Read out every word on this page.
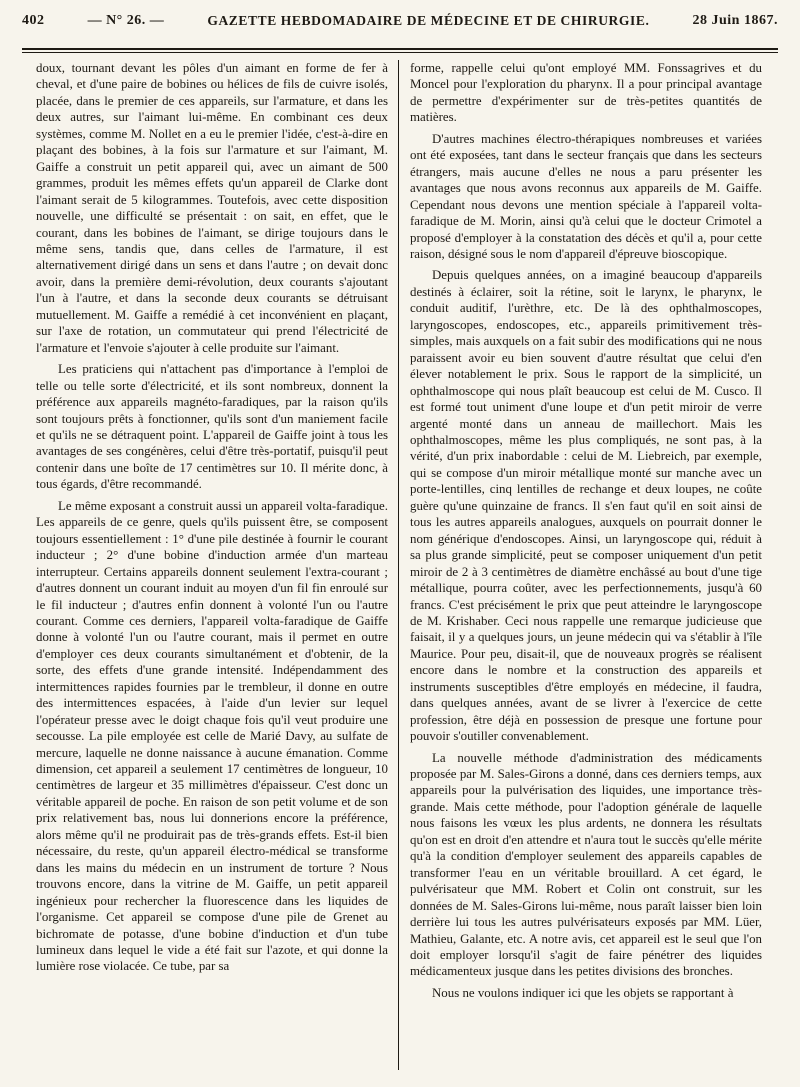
402	— N° 26. —	GAZETTE HEBDOMADAIRE DE MÉDECINE ET DE CHIRURGIE.	28 Juin 1867.

doux, tournant devant les pôles d'un aimant en forme de fer à cheval, et d'une paire de bobines ou hélices de fils de cuivre isolés, placée, dans le premier de ces appareils, sur l'armature, et dans les deux autres, sur l'aimant lui-même. En combinant ces deux systèmes, comme M. Nollet en a eu le premier l'idée, c'est-à-dire en plaçant des bobines, à la fois sur l'armature et sur l'aimant, M. Gaiffe a construit un petit appareil qui, avec un aimant de 500 grammes, produit les mêmes effets qu'un appareil de Clarke dont l'aimant serait de 5 kilogrammes. Toutefois, avec cette disposition nouvelle, une difficulté se présentait : on sait, en effet, que le courant, dans les bobines de l'aimant, se dirige toujours dans le même sens, tandis que, dans celles de l'armature, il est alternativement dirigé dans un sens et dans l'autre ; on devait donc avoir, dans la première demi-révolution, deux courants s'ajoutant l'un à l'autre, et dans la seconde deux courants se détruisant mutuellement. M. Gaiffe a remédié à cet inconvénient en plaçant, sur l'axe de rotation, un commutateur qui prend l'électricité de l'armature et l'envoie s'ajouter à celle produite sur l'aimant.

Les praticiens qui n'attachent pas d'importance à l'emploi de telle ou telle sorte d'électricité, et ils sont nombreux, donnent la préférence aux appareils magnéto-faradiques, par la raison qu'ils sont toujours prêts à fonctionner, qu'ils sont d'un maniement facile et qu'ils ne se détraquent point. L'appareil de Gaiffe joint à tous les avantages de ses congénères, celui d'être très-portatif, puisqu'il peut contenir dans une boîte de 17 centimètres sur 10. Il mérite donc, à tous égards, d'être recommandé.

Le même exposant a construit aussi un appareil volta-faradique. Les appareils de ce genre, quels qu'ils puissent être, se composent toujours essentiellement : 1° d'une pile destinée à fournir le courant inducteur ; 2° d'une bobine d'induction armée d'un marteau interrupteur. Certains appareils donnent seulement l'extra-courant ; d'autres donnent un courant induit au moyen d'un fil fin enroulé sur le fil inducteur ; d'autres enfin donnent à volonté l'un ou l'autre courant. Comme ces derniers, l'appareil volta-faradique de Gaiffe donne à volonté l'un ou l'autre courant, mais il permet en outre d'employer ces deux courants simultanément et d'obtenir, de la sorte, des effets d'une grande intensité. Indépendamment des intermittences rapides fournies par le trembleur, il donne en outre des intermittences espacées, à l'aide d'un levier sur lequel l'opérateur presse avec le doigt chaque fois qu'il veut produire une secousse. La pile employée est celle de Marié Davy, au sulfate de mercure, laquelle ne donne naissance à aucune émanation. Comme dimension, cet appareil a seulement 17 centimètres de longueur, 10 centimètres de largeur et 35 millimètres d'épaisseur. C'est donc un véritable appareil de poche. En raison de son petit volume et de son prix relativement bas, nous lui donnerions encore la préférence, alors même qu'il ne produirait pas de très-grands effets. Est-il bien nécessaire, du reste, qu'un appareil électro-médical se transforme dans les mains du médecin en un instrument de torture ? Nous trouvons encore, dans la vitrine de M. Gaiffe, un petit appareil ingénieux pour rechercher la fluorescence dans les liquides de l'organisme. Cet appareil se compose d'une pile de Grenet au bichromate de potasse, d'une bobine d'induction et d'un tube lumineux dans lequel le vide a été fait sur l'azote, et qui donne la lumière rose violacée. Ce tube, par sa

forme, rappelle celui qu'ont employé MM. Fonssagrives et du Moncel pour l'exploration du pharynx. Il a pour principal avantage de permettre d'expérimenter sur de très-petites quantités de matières.

D'autres machines électro-thérapiques nombreuses et variées ont été exposées, tant dans le secteur français que dans les secteurs étrangers, mais aucune d'elles ne nous a paru présenter les avantages que nous avons reconnus aux appareils de M. Gaiffe. Cependant nous devons une mention spéciale à l'appareil volta-faradique de M. Morin, ainsi qu'à celui que le docteur Crimotel a proposé d'employer à la constatation des décès et qu'il a, pour cette raison, désigné sous le nom d'appareil d'épreuve bioscopique.

Depuis quelques années, on a imaginé beaucoup d'appareils destinés à éclairer, soit la rétine, soit le larynx, le pharynx, le conduit auditif, l'urèthre, etc. De là des ophthalmoscopes, laryngoscopes, endoscopes, etc., appareils primitivement très-simples, mais auxquels on a fait subir des modifications qui ne nous paraissent avoir eu bien souvent d'autre résultat que celui d'en élever notablement le prix. Sous le rapport de la simplicité, un ophthalmoscope qui nous plaît beaucoup est celui de M. Cusco. Il est formé tout uniment d'une loupe et d'un petit miroir de verre argenté monté dans un anneau de maillechort. Mais les ophthalmoscopes, même les plus compliqués, ne sont pas, à la vérité, d'un prix inabordable : celui de M. Liebreich, par exemple, qui se compose d'un miroir métallique monté sur manche avec un porte-lentilles, cinq lentilles de rechange et deux loupes, ne coûte guère qu'une quinzaine de francs. Il s'en faut qu'il en soit ainsi de tous les autres appareils analogues, auxquels on pourrait donner le nom générique d'endoscopes. Ainsi, un laryngoscope qui, réduit à sa plus grande simplicité, peut se composer uniquement d'un petit miroir de 2 à 3 centimètres de diamètre enchâssé au bout d'une tige métallique, pourra coûter, avec les perfectionnements, jusqu'à 60 francs. C'est précisément le prix que peut atteindre le laryngoscope de M. Krishaber. Ceci nous rappelle une remarque judicieuse que faisait, il y a quelques jours, un jeune médecin qui va s'établir à l'île Maurice. Pour peu, disait-il, que de nouveaux progrès se réalisent encore dans le nombre et la construction des appareils et instruments susceptibles d'être employés en médecine, il faudra, dans quelques années, avant de se livrer à l'exercice de cette profession, être déjà en possession de presque une fortune pour pouvoir s'outiller convenablement.

La nouvelle méthode d'administration des médicaments proposée par M. Sales-Girons a donné, dans ces derniers temps, aux appareils pour la pulvérisation des liquides, une importance très-grande. Mais cette méthode, pour l'adoption générale de laquelle nous faisons les vœux les plus ardents, ne donnera les résultats qu'on est en droit d'en attendre et n'aura tout le succès qu'elle mérite qu'à la condition d'employer seulement des appareils capables de transformer l'eau en un véritable brouillard. A cet égard, le pulvérisateur que MM. Robert et Colin ont construit, sur les données de M. Sales-Girons lui-même, nous paraît laisser bien loin derrière lui tous les autres pulvérisateurs exposés par MM. Lüer, Mathieu, Galante, etc. A notre avis, cet appareil est le seul que l'on doit employer lorsqu'il s'agit de faire pénétrer des liquides médicamenteux jusque dans les petites divisions des bronches.

Nous ne voulons indiquer ici que les objets se rapportant à
